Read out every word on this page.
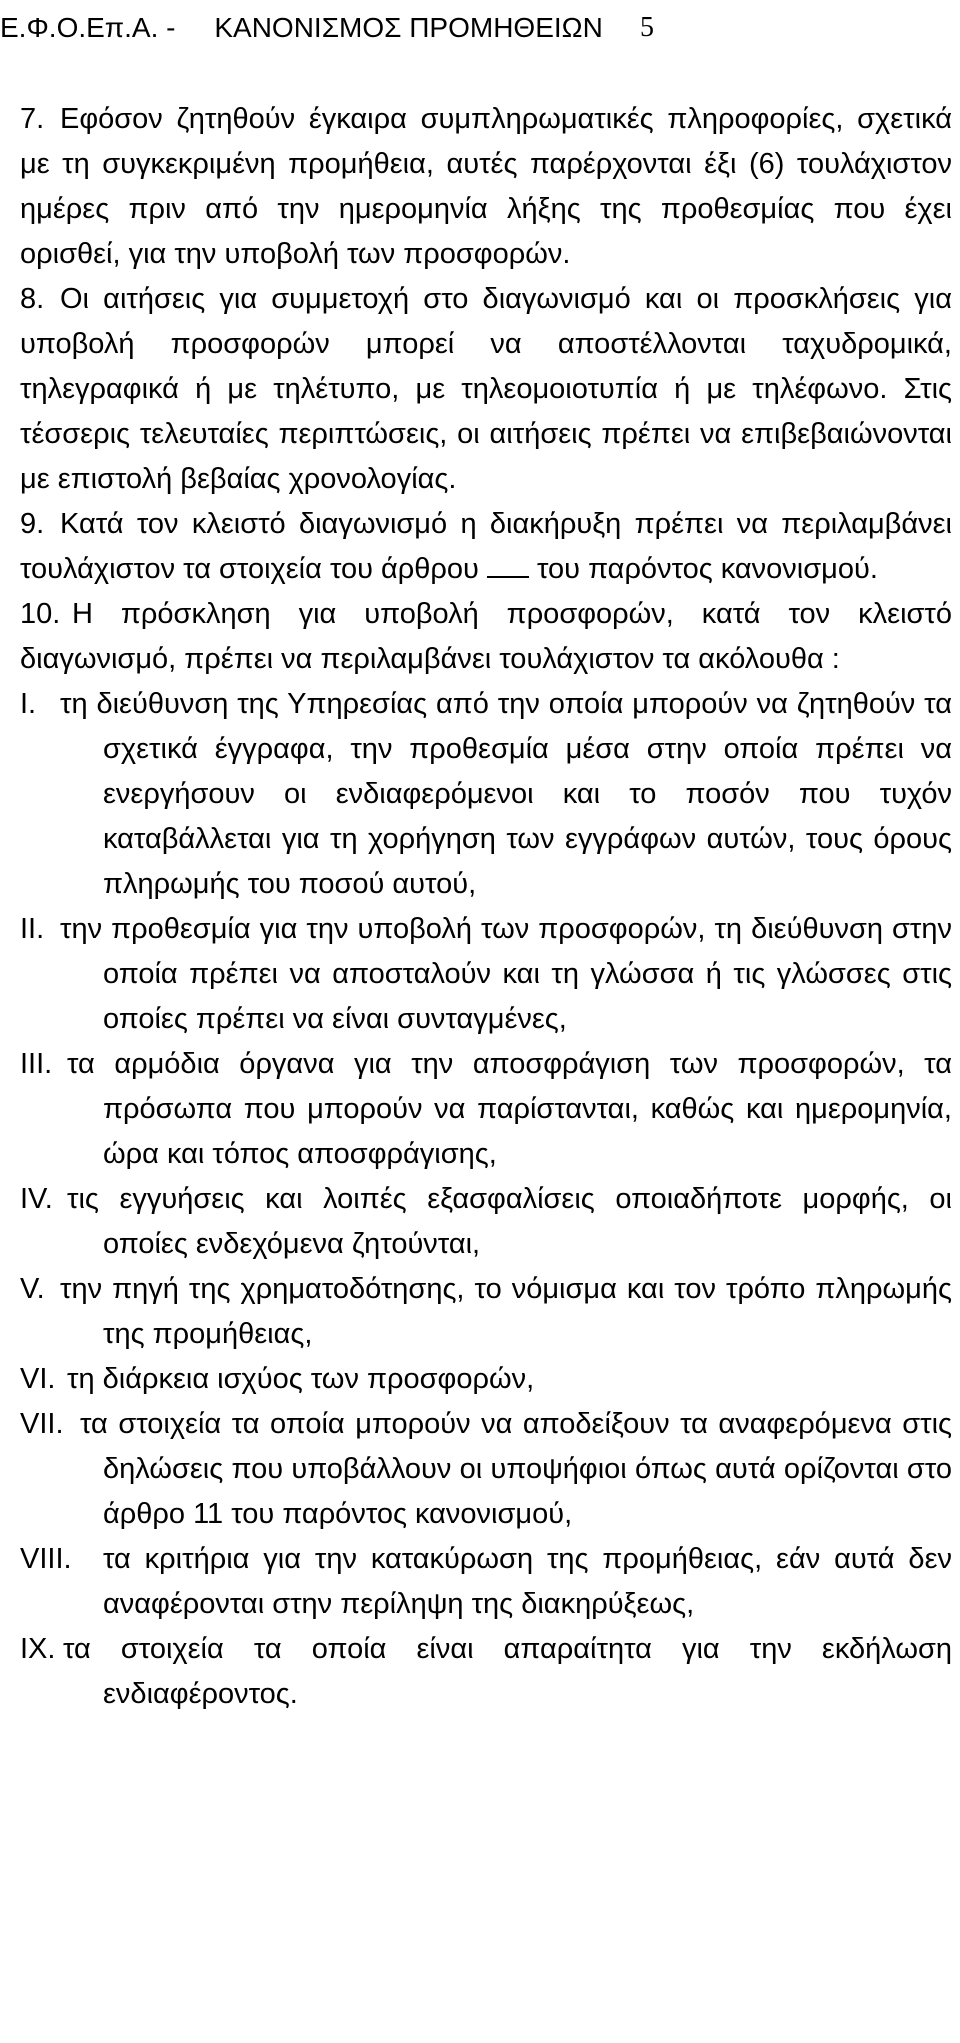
Ε.Φ.Ο.Επ.Α. -     ΚΑΝΟΝΙΣΜΟΣ ΠΡΟΜΗΘΕΙΩΝ 5

7. Εφόσον ζητηθούν έγκαιρα συμπληρωματικές πληροφορίες, σχετικά με τη συγκεκριμένη προμήθεια, αυτές παρέρχονται έξι (6) τουλάχιστον ημέρες πριν από την ημερομηνία λήξης της προθεσμίας που έχει ορισθεί, για την υποβολή των προσφορών.

8. Οι αιτήσεις για συμμετοχή στο διαγωνισμό και οι προσκλήσεις για υποβολή προσφορών μπορεί να αποστέλλονται ταχυδρομικά, τηλεγραφικά ή με τηλέτυπο, με τηλεομοιοτυπία ή με τηλέφωνο. Στις τέσσερις τελευταίες περιπτώσεις, οι αιτήσεις πρέπει να επιβεβαιώνονται με επιστολή βεβαίας χρονολογίας.

9. Κατά τον κλειστό διαγωνισμό η διακήρυξη πρέπει να περιλαμβάνει τουλάχιστον τα στοιχεία του άρθρου του παρόντος κανονισμού.

10. Η πρόσκληση για υποβολή προσφορών, κατά τον κλειστό διαγωνισμό, πρέπει να περιλαμβάνει τουλάχιστον τα ακόλουθα :

I. τη διεύθυνση της Υπηρεσίας από την οποία μπορούν να ζητηθούν τα σχετικά έγγραφα, την προθεσμία μέσα στην οποία πρέπει να ενεργήσουν οι ενδιαφερόμενοι και το ποσόν που τυχόν καταβάλλεται για τη χορήγηση των εγγράφων αυτών, τους όρους πληρωμής του ποσού αυτού,
II. την προθεσμία για την υποβολή των προσφορών, τη διεύθυνση στην οποία πρέπει να αποσταλούν και τη γλώσσα ή τις γλώσσες στις οποίες πρέπει να είναι συνταγμένες,
III. τα αρμόδια όργανα για την αποσφράγιση των προσφορών, τα πρόσωπα που μπορούν να παρίστανται, καθώς και ημερομηνία, ώρα και τόπος αποσφράγισης,
IV. τις εγγυήσεις και λοιπές εξασφαλίσεις οποιαδήποτε μορφής, οι οποίες ενδεχόμενα ζητούνται,
V. την πηγή της χρηματοδότησης, το νόμισμα και τον τρόπο πληρωμής της προμήθειας,
VI. τη διάρκεια ισχύος των προσφορών,
VII. τα στοιχεία τα οποία μπορούν να αποδείξουν τα αναφερόμενα στις δηλώσεις που υποβάλλουν οι υποψήφιοι όπως αυτά ορίζονται στο άρθρο 11 του παρόντος κανονισμού,
VIII.	τα κριτήρια για την κατακύρωση της προμήθειας, εάν αυτά δεν αναφέρονται στην περίληψη της διακηρύξεως,
IX. τα στοιχεία τα οποία είναι απαραίτητα για την εκδήλωση ενδιαφέροντος.
